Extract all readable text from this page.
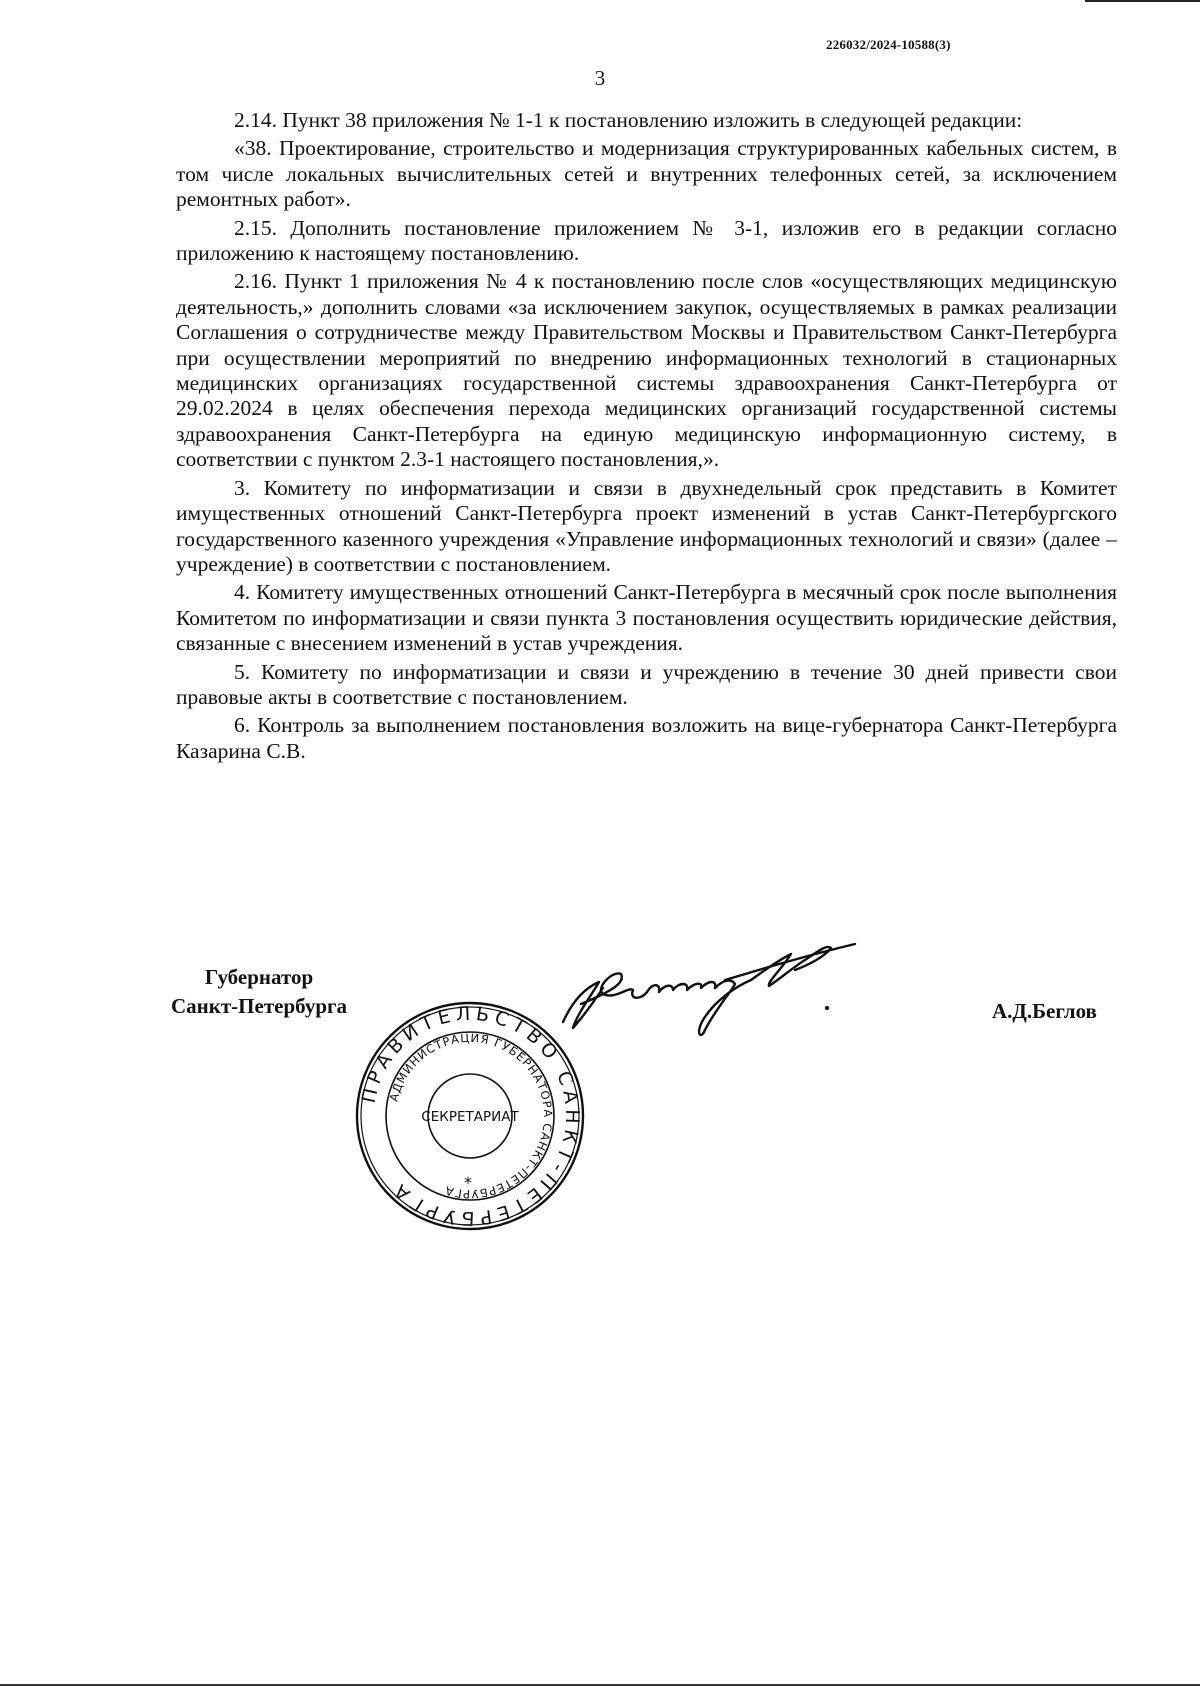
226032/2024-10588(3)
3

2.14. Пункт 38 приложения № 1-1 к постановлению изложить в следующей редакции:

«38. Проектирование, строительство и модернизация структурированных кабельных систем, в том числе локальных вычислительных сетей и внутренних телефонных сетей, за исключением ремонтных работ».

2.15. Дополнить постановление приложением № 3-1, изложив его в редакции согласно приложению к настоящему постановлению.

2.16. Пункт 1 приложения № 4 к постановлению после слов «осуществляющих медицинскую деятельность,» дополнить словами «за исключением закупок, осуществляемых в рамках реализации Соглашения о сотрудничестве между Правительством Москвы и Правительством Санкт-Петербурга при осуществлении мероприятий по внедрению информационных технологий в стационарных медицинских организациях государственной системы здравоохранения Санкт-Петербурга от 29.02.2024 в целях обеспечения перехода медицинских организаций государственной системы здравоохранения Санкт-Петербурга на единую медицинскую информационную систему, в соответствии с пунктом 2.3-1 настоящего постановления,».

3. Комитету по информатизации и связи в двухнедельный срок представить в Комитет имущественных отношений Санкт-Петербурга проект изменений в устав Санкт-Петербургского государственного казенного учреждения «Управление информационных технологий и связи» (далее – учреждение) в соответствии с постановлением.

4. Комитету имущественных отношений Санкт-Петербурга в месячный срок после выполнения Комитетом по информатизации и связи пункта 3 постановления осуществить юридические действия, связанные с внесением изменений в устав учреждения.

5. Комитету по информатизации и связи и учреждению в течение 30 дней привести свои правовые акты в соответствие с постановлением.

6. Контроль за выполнением постановления возложить на вице-губернатора Санкт-Петербурга Казарина С.В.

Губернатор
Санкт-Петербурга
ПРАВИТЕЛЬСТВО САНКТ-ПЕТЕРБУРГА
АДМИНИСТРАЦИЯ ГУБЕРНАТОРА САНКТ-ПЕТЕРБУРГА
СЕКРЕТАРИАТ
*
А.Д.Беглов
